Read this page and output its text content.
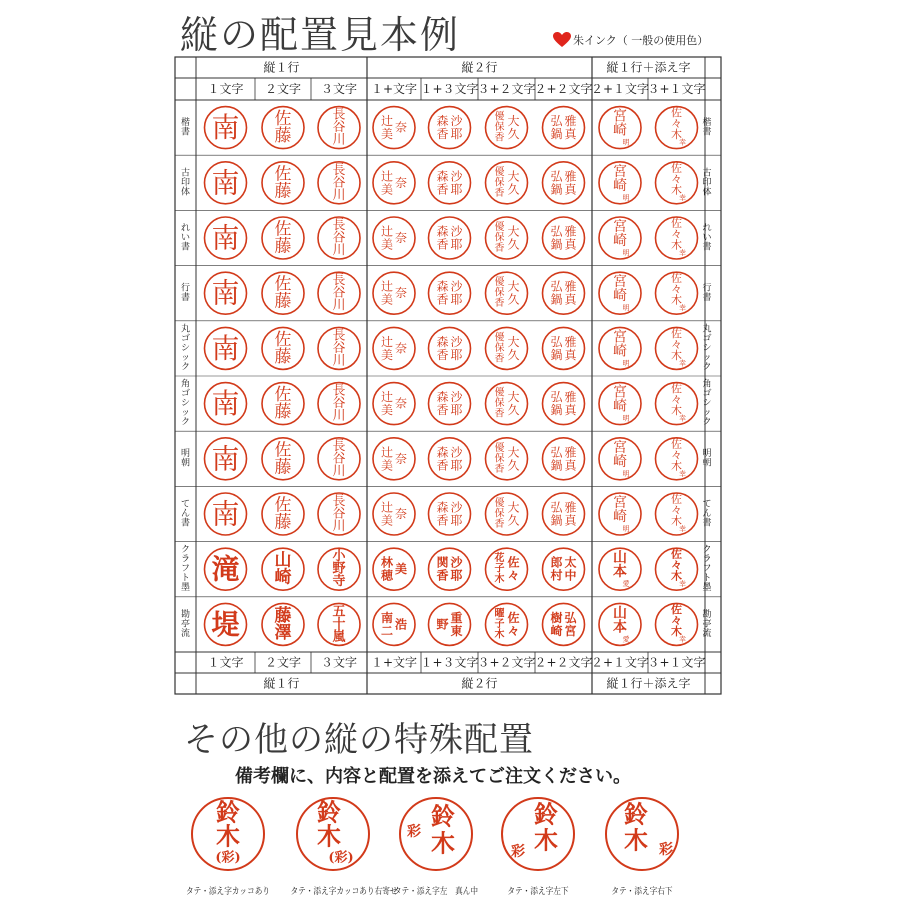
縦の配置見本例	朱インク（ 一般の使用色）
縦１行
縦１行
縦２行
縦２行
縦１行＋添え字
縦１行＋添え字
１文字
１文字
２文字
２文字
３文字
３文字
１+文字
１+文字
１+３文字
１+３文字
３+２文字
３+２文字
２+２文字
２+２文字
２+１文字
２+１文字
３+１文字
３+１文字
楷
書
楷
書
南 佐
藤
長
谷
川
辻
美 奈 森
香
沙
耶
優
保
香
大
久
弘
鍋
雅
真
宮
崎
明
佐
々
木
幸
古
印
体
古
印
体
南 佐
藤
長
谷
川
辻
美 奈 森
香
沙
耶
優
保
香
大
久
弘
鍋
雅
真
宮
崎
明
佐
々
木
幸
れ
い
書
れ
い
書
南 佐
藤
長
谷
川
辻
美 奈 森
香
沙
耶
優
保
香
大
久
弘
鍋
雅
真
宮
崎
明
佐
々
木
幸
行
書
行
書
南 佐
藤
長
谷
川
辻
美 奈 森
香
沙
耶
優
保
香
大
久
弘
鍋
雅
真
宮
崎
明
佐
々
木
幸
丸
ゴ
シ
ッ
ク
丸
ゴ
シ
ッ
ク
南 佐
藤
長
谷
川
辻
美 奈 森
香
沙
耶
優
保
香
大
久
弘
鍋
雅
真
宮
崎
明
佐
々
木
幸
角
ゴ
シ
ッ
ク
角
ゴ
シ
ッ
ク
南 佐
藤
長
谷
川
辻
美 奈 森
香
沙
耶
優
保
香
大
久
弘
鍋
雅
真
宮
崎
明
佐
々
木
幸
明
朝
明
朝
南 佐
藤
長
谷
川
辻
美 奈 森
香
沙
耶
優
保
香
大
久
弘
鍋
雅
真
宮
崎
明
佐
々
木
幸
て
ん
書
て
ん
書
南 佐
藤
長
谷
川
辻
美 奈 森
香
沙
耶
優
保
香
大
久
弘
鍋
雅
真
宮
崎
明
佐
々
木
幸
ク
ラ
フ
ト
墨
ク
ラ
フ
ト
墨
滝 山
崎
小
野
寺
林
穂 美 関
香
沙
耶
花
子
木
佐
々
郎
村
太
中
山
本
愛
佐
々
木
幸
勘
亭
流
勘
亭
流
堤 藤
澤
五
十
嵐
南
二 浩 野 重
東
曜
子
木
佐
々
樹
崎
弘
宮
山
本
愛
佐
々
木
幸
その他の縦の特殊配置
備考欄に、内容と配置を添えてご注文ください。
鈴
木
(彩)
タテ・添え字カッコあり
鈴
木
(彩)
タテ・添え字カッコあり右寄せ
鈴
木
彩
タテ・添え字左　真ん中
鈴
木
彩
タテ・添え字左下
鈴
木 彩
タテ・添え字右下
